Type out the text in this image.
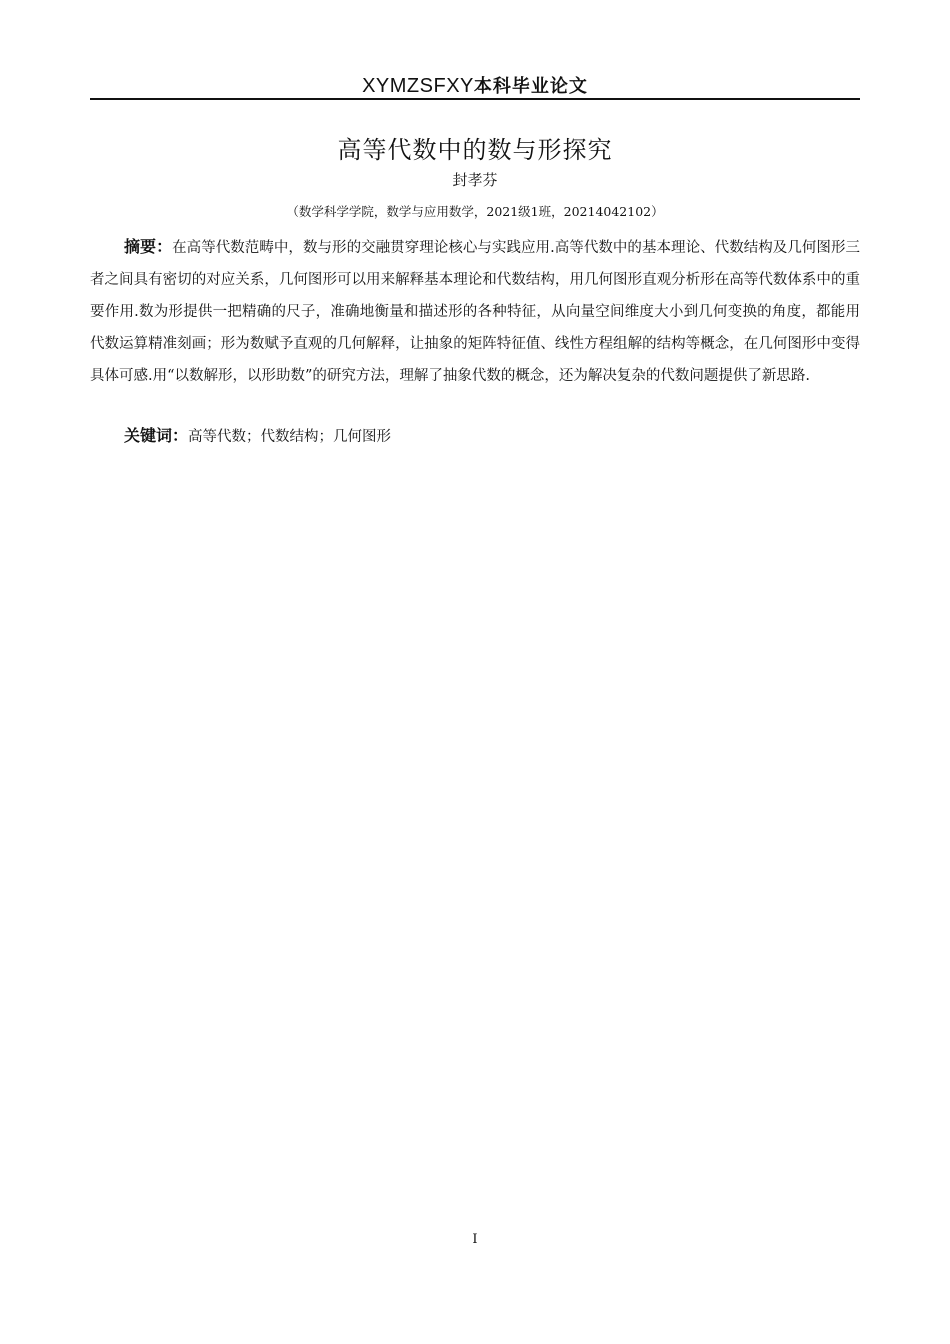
XYMZSFXY本科毕业论文
高等代数中的数与形探究
封孝芬
（数学科学学院，数学与应用数学，2021级1班，20214042102）

摘要：在高等代数范畴中，数与形的交融贯穿理论核心与实践应用.高等代数中的基本理论、代数结构及几何图形三者之间具有密切的对应关系，几何图形可以用来解释基本理论和代数结构，用几何图形直观分析形在高等代数体系中的重要作用.数为形提供一把精确的尺子，准确地衡量和描述形的各种特征，从向量空间维度大小到几何变换的角度，都能用代数运算精准刻画；形为数赋予直观的几何解释，让抽象的矩阵特征值、线性方程组解的结构等概念，在几何图形中变得具体可感.用“以数解形，以形助数”的研究方法，理解了抽象代数的概念，还为解决复杂的代数问题提供了新思路.

关键词：高等代数；代数结构；几何图形

I
